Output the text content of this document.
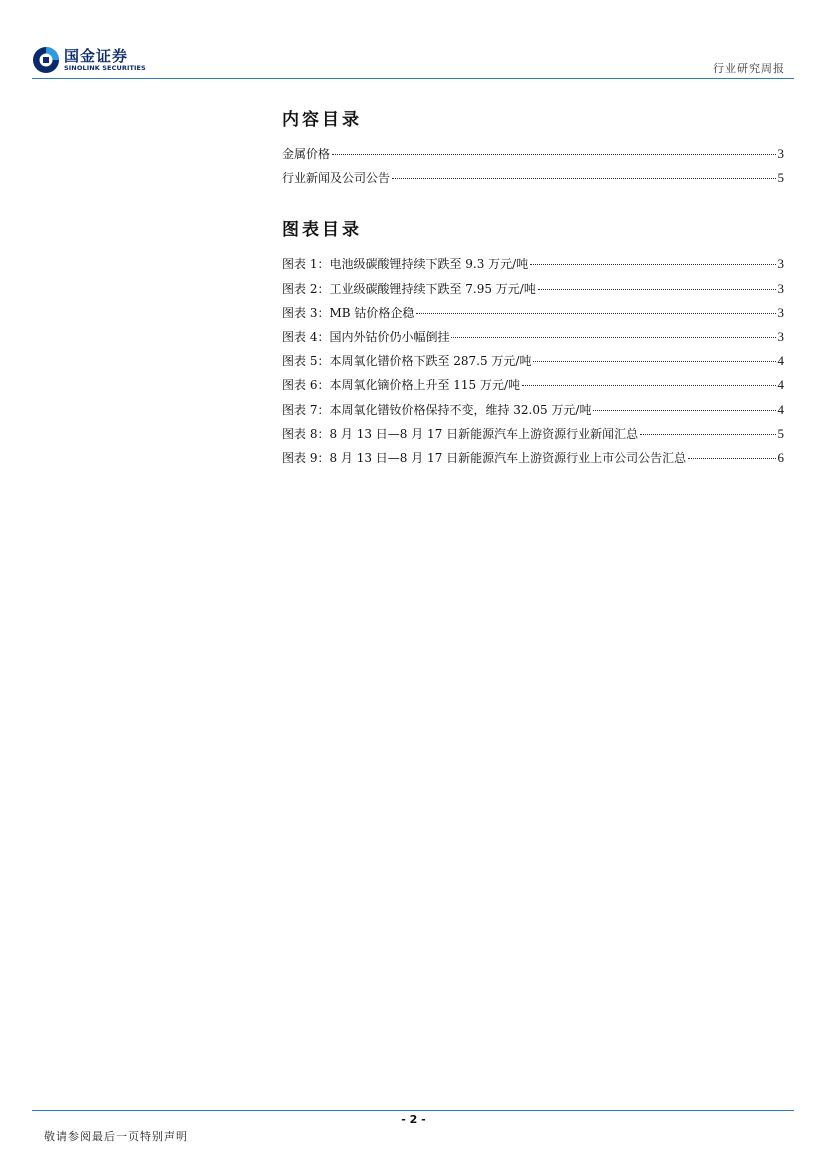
国金证券
SINOLINK SECURITIES	行业研究周报
内容目录
金属价格	3
行业新闻及公司公告	5
图表目录
图表 1：电池级碳酸锂持续下跌至 9.3 万元/吨	3
图表 2：工业级碳酸锂持续下跌至 7.95 万元/吨	3
图表 3：MB 钴价格企稳	3
图表 4：国内外钴价仍小幅倒挂	3
图表 5：本周氧化镨价格下跌至 287.5 万元/吨	4
图表 6：本周氧化镝价格上升至 115 万元/吨	4
图表 7：本周氧化镨钕价格保持不变，维持 32.05 万元/吨	4
图表 8：8 月 13 日—8 月 17 日新能源汽车上游资源行业新闻汇总	5
图表 9：8 月 13 日—8 月 17 日新能源汽车上游资源行业上市公司公告汇总	6
- 2 -
敬请参阅最后一页特别声明
